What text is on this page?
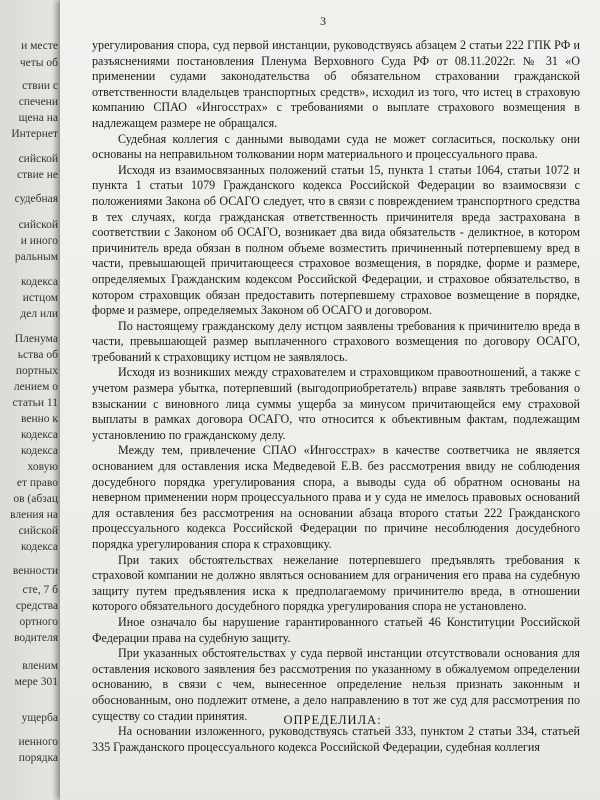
и месте
четы об
ствии с
спечени
щена на
Интернет
сийской
ствие не
судебная
сийской
и иного
ральным
кодекса
истцом
дел или
Пленума
ьства об
портных
лением о
статьи 11
венно к
кодекса
кодекса
ховую
ет право
ов (абзац
вления на
сийской
кодекса
венности
сте, 7 б
средства
ортного
водителя
вленим
мере 301
ущерба
иенного
порядка
3

урегулирования спора, суд первой инстанции, руководствуясь абзацем 2 статьи 222 ГПК РФ и разъяснениями постановления Пленума Верховного Суда РФ от 08.11.2022г. № 31 «О применении судами законодательства об обязательном страховании гражданской ответственности владельцев транспортных средств», исходил из того, что истец в страховую компанию СПАО «Ингосстрах» с требованиями о выплате страхового возмещения в надлежащем размере не обращался.

Судебная коллегия с данными выводами суда не может согласиться, поскольку они основаны на неправильном толковании норм материального и процессуального права.

Исходя из взаимосвязанных положений статьи 15, пункта 1 статьи 1064, статьи 1072 и пункта 1 статьи 1079 Гражданского кодекса Российской Федерации во взаимосвязи с положениями Закона об ОСАГО следует, что в связи с повреждением транспортного средства в тех случаях, когда гражданская ответственность причинителя вреда застрахована в соответствии с Законом об ОСАГО, возникает два вида обязательств - деликтное, в котором причинитель вреда обязан в полном объеме возместить причиненный потерпевшему вред в части, превышающей причитающееся страховое возмещения, в порядке, форме и размере, определяемых Гражданским кодексом Российской Федерации, и страховое обязательство, в котором страховщик обязан предоставить потерпевшему страховое возмещение в порядке, форме и размере, определяемых Законом об ОСАГО и договором.

По настоящему гражданскому делу истцом заявлены требования к причинителю вреда в части, превышающей размер выплаченного страхового возмещения по договору ОСАГО, требований к страховщику истцом не заявлялось.

Исходя из возникших между страхователем и страховщиком правоотношений, а также с учетом размера убытка, потерпевший (выгодоприобретатель) вправе заявлять требования о взыскании с виновного лица суммы ущерба за минусом причитающейся ему страховой выплаты в рамках договора ОСАГО, что относится к объективным фактам, подлежащим установлению по гражданскому делу.

Между тем, привлечение СПАО «Ингосстрах» в качестве соответчика не является основанием для оставления иска Медведевой Е.В. без рассмотрения ввиду не соблюдения досудебного порядка урегулирования спора, а выводы суда об обратном основаны на неверном применении норм процессуального права и у суда не имелось правовых оснований для оставления без рассмотрения на основании абзаца второго статьи 222 Гражданского процессуального кодекса Российской Федерации по причине несоблюдения досудебного порядка урегулирования спора к страховщику.

При таких обстоятельствах нежелание потерпевшего предъявлять требования к страховой компании не должно являться основанием для ограничения его права на судебную защиту путем предъявления иска к предполагаемому причинителю вреда, в отношении которого обязательного досудебного порядка урегулирования спора не установлено.

Иное означало бы нарушение гарантированного статьей 46 Конституции Российской Федерации права на судебную защиту.

При указанных обстоятельствах у суда первой инстанции отсутствовали основания для оставления искового заявления без рассмотрения по указанному в обжалуемом определении основанию, в связи с чем, вынесенное определение нельзя признать законным и обоснованным, оно подлежит отмене, а дело направлению в тот же суд для рассмотрения по существу со стадии принятия.

На основании изложенного, руководствуясь статьей 333, пунктом 2 статьи 334, статьей 335 Гражданского процессуального кодекса Российской Федерации, судебная коллегия

ОПРЕДЕЛИЛА:
